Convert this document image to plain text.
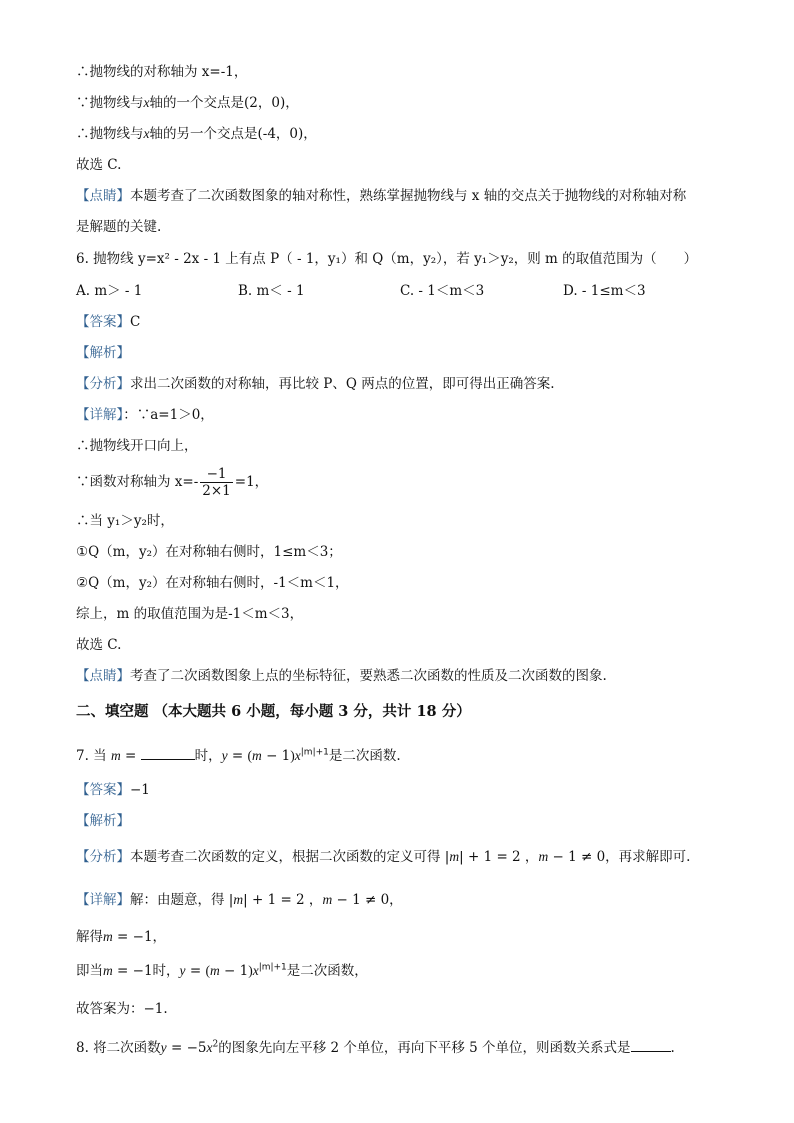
∴抛物线的对称轴为 x=-1，
∵抛物线与x轴的一个交点是(2，0)，
∴抛物线与x轴的另一个交点是(-4，0)，
故选 C.
【点睛】本题考查了二次函数图象的轴对称性，熟练掌握抛物线与 x 轴的交点关于抛物线的对称轴对称
是解题的关键.
6. 抛物线 y=x² - 2x - 1 上有点 P（ - 1，y₁）和 Q（m，y₂），若 y₁＞y₂，则 m 的取值范围为（　　）
A. m＞ - 1	B. m＜ - 1	C. - 1＜m＜3	D. - 1≤m＜3
【答案】C
【解析】
【分析】求出二次函数的对称轴，再比较 P、Q 两点的位置，即可得出正确答案.
【详解】：∵a=1＞0，
∴抛物线开口向上，
∵函数对称轴为 $x=- \frac{-1}{2\times 1} =1$，
∴当 y₁＞y₂时，
①Q（m，y₂）在对称轴右侧时，1≤m＜3；
②Q（m，y₂）在对称轴右侧时，-1＜m＜1，
综上，m 的取值范围为是-1＜m＜3，
故选 C.
【点睛】考查了二次函数图象上点的坐标特征，要熟悉二次函数的性质及二次函数的图象.
二、填空题 （本大题共 6 小题，每小题 3 分，共计 18 分）
7. 当 m =	时，$y = (m - 1)x^{|m|+1}$是二次函数.
【答案】−1
【解析】
【分析】本题考查二次函数的定义，根据二次函数的定义可得 |m| + 1 = 2 ，m − 1 ≠ 0，再求解即可.
【详解】解：由题意，得 |m| + 1 = 2 ，m − 1 ≠ 0，
解得m = −1，
即当m = −1时，$y = (m - 1)x^{|m|+1}$是二次函数，
故答案为：−1.
8. 将二次函数$y = -5x^2$的图象先向左平移 2 个单位，再向下平移 5 个单位，则函数关系式是	.
